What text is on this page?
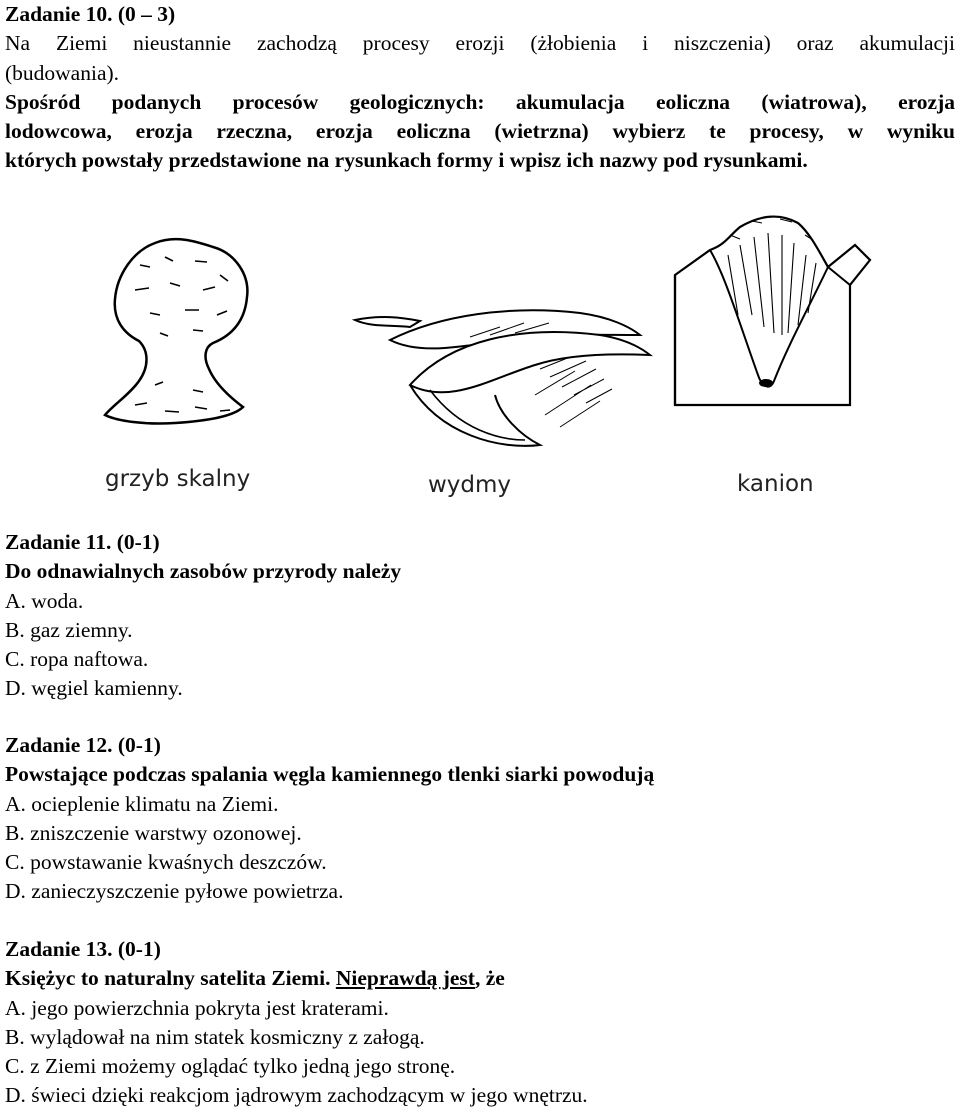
Zadanie 10. (0 – 3)
Na Ziemi nieustannie zachodzą procesy erozji (żłobienia i niszczenia) oraz akumulacji
(budowania).
Spośród podanych procesów geologicznych: akumulacja eoliczna (wiatrowa), erozja
lodowcowa, erozja rzeczna, erozja eoliczna (wietrzna) wybierz te procesy, w wyniku
których powstały przedstawione na rysunkach formy i wpisz ich nazwy pod rysunkami.
grzyb skalny	wydmy	kanion
Zadanie 11. (0-1)
Do odnawialnych zasobów przyrody należy
A. woda.
B. gaz ziemny.
C. ropa naftowa.
D. węgiel kamienny.
Zadanie 12. (0-1)
Powstające podczas spalania węgla kamiennego tlenki siarki powodują
A. ocieplenie klimatu na Ziemi.
B. zniszczenie warstwy ozonowej.
C. powstawanie kwaśnych deszczów.
D. zanieczyszczenie pyłowe powietrza.
Zadanie 13. (0-1)
Księżyc to naturalny satelita Ziemi. Nieprawdą jest, że
A. jego powierzchnia pokryta jest kraterami.
B. wylądował na nim statek kosmiczny z załogą.
C. z Ziemi możemy oglądać tylko jedną jego stronę.
D. świeci dzięki reakcjom jądrowym zachodzącym w jego wnętrzu.
